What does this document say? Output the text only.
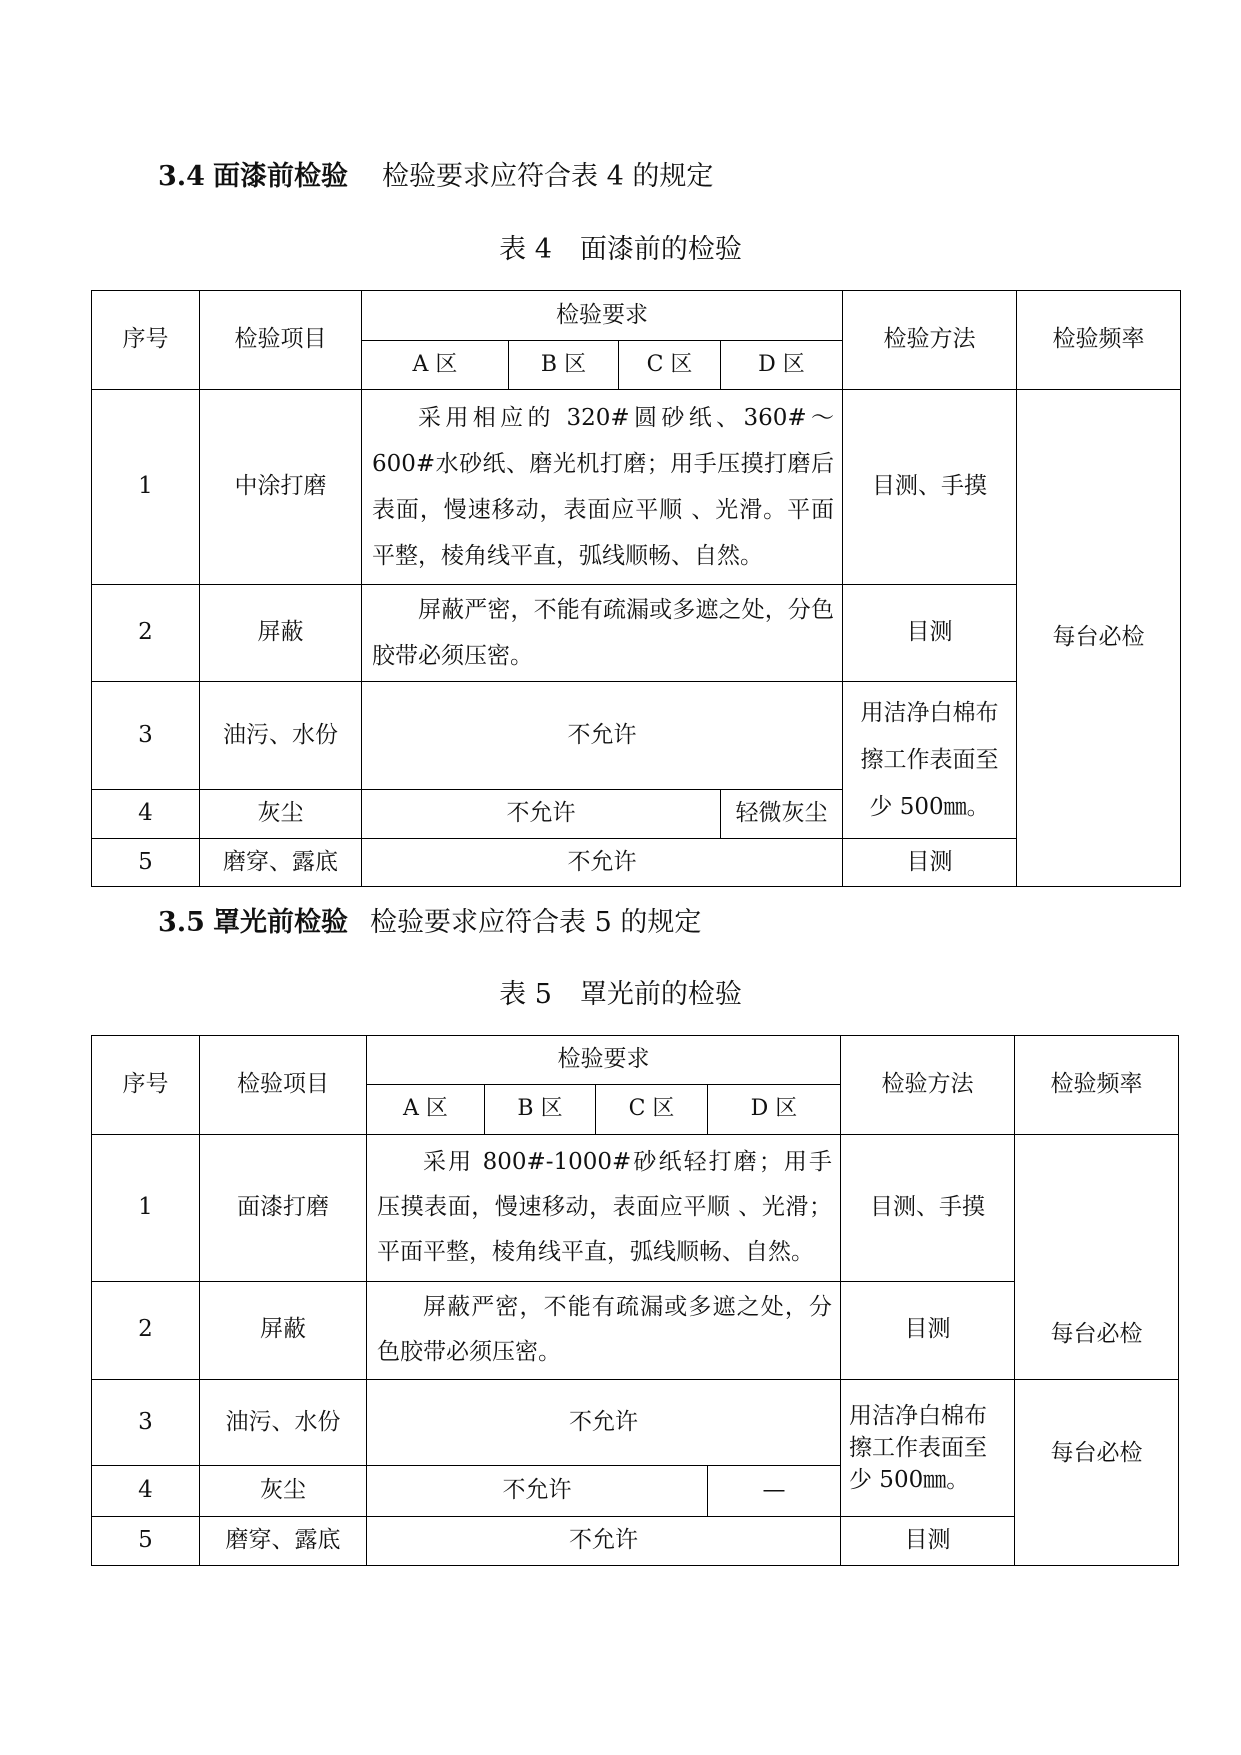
3.4 面漆前检验 检验要求应符合表 4 的规定
表 4 面漆前的检验
序号	检验项目	检验要求				检验方法	检验频率
		A 区	B 区	C 区	D 区		
1	中涂打磨	采用相应的 320#圆砂纸、360#～600#水砂纸、磨光机打磨；用手压摸打磨后表面，慢速移动，表面应平顺 、光滑。平面平整，棱角线平直，弧线顺畅、自然。				目测、手摸	每台必检
2	屏蔽	屏蔽严密，不能有疏漏或多遮之处，分色胶带必须压密。				目测	
3	油污、水份	不允许				用洁净白棉布擦工作表面至少 500㎜。	
4	灰尘	不允许			轻微灰尘		
5	磨穿、露底	不允许				目测	
3.5 罩光前检验 检验要求应符合表 5 的规定
表 5 罩光前的检验
序号	检验项目	检验要求				检验方法	检验频率
		A 区	B 区	C 区	D 区		
1	面漆打磨	采用 800#-1000#砂纸轻打磨；用手压摸表面，慢速移动，表面应平顺 、光滑；平面平整，棱角线平直，弧线顺畅、自然。				目测、手摸	每台必检
2	屏蔽	屏蔽严密，不能有疏漏或多遮之处，分色胶带必须压密。				目测	
3	油污、水份	不允许				用洁净白棉布擦工作表面至少 500㎜。	每台必检
4	灰尘	不允许			—		
5	磨穿、露底	不允许				目测	
